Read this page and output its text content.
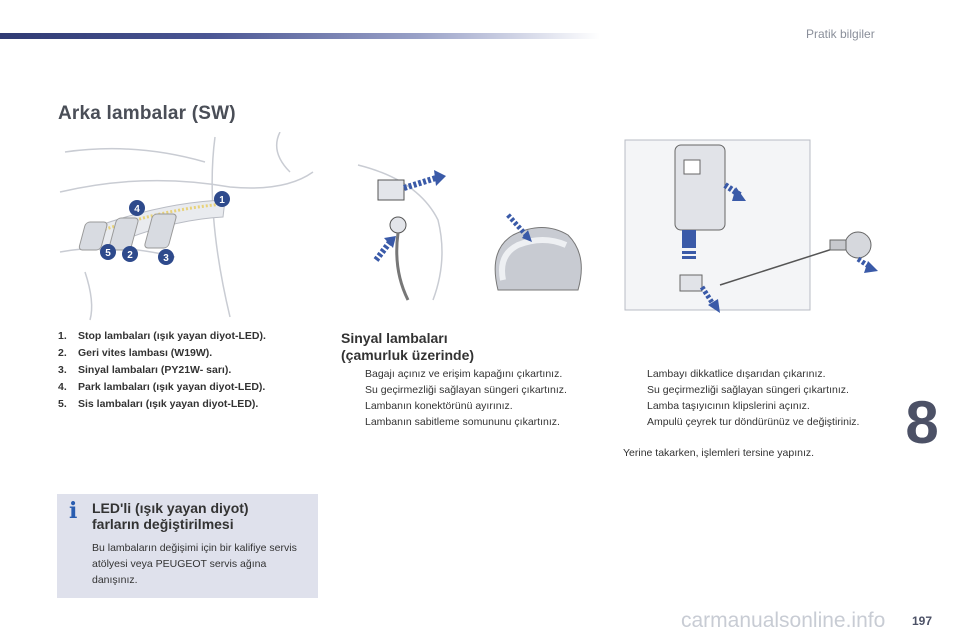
Pratik bilgiler
Arka lambalar (SW)
1
4
5 2	3
1. Stop lambaları (ışık yayan diyot-LED).
2. Geri vites lambası (W19W).
3. Sinyal lambaları (PY21W- sarı).
4. Park lambaları (ışık yayan diyot-LED).
5. Sis lambaları (ışık yayan diyot-LED).
Sinyal lambaları
(çamurluk üzerinde)
Bagajı açınız ve erişim kapağını çıkartınız.
Su geçirmezliği sağlayan süngeri çıkartınız.
Lambanın konektörünü ayırınız.
Lambanın sabitleme somununu çıkartınız.
Lambayı dikkatlice dışarıdan çıkarınız.
Su geçirmezliği sağlayan süngeri çıkartınız.
Lamba taşıyıcının klipslerini açınız.
Ampulü çeyrek tur döndürünüz ve değiştiriniz.

Yerine takarken, işlemleri tersine yapınız.

i LED'li (ışık yayan diyot)
farların değiştirilmesi

Bu lambaların değişimi için bir kalifiye servis atölyesi veya PEUGEOT servis ağına danışınız.

8
carmanualsonline.info 197
